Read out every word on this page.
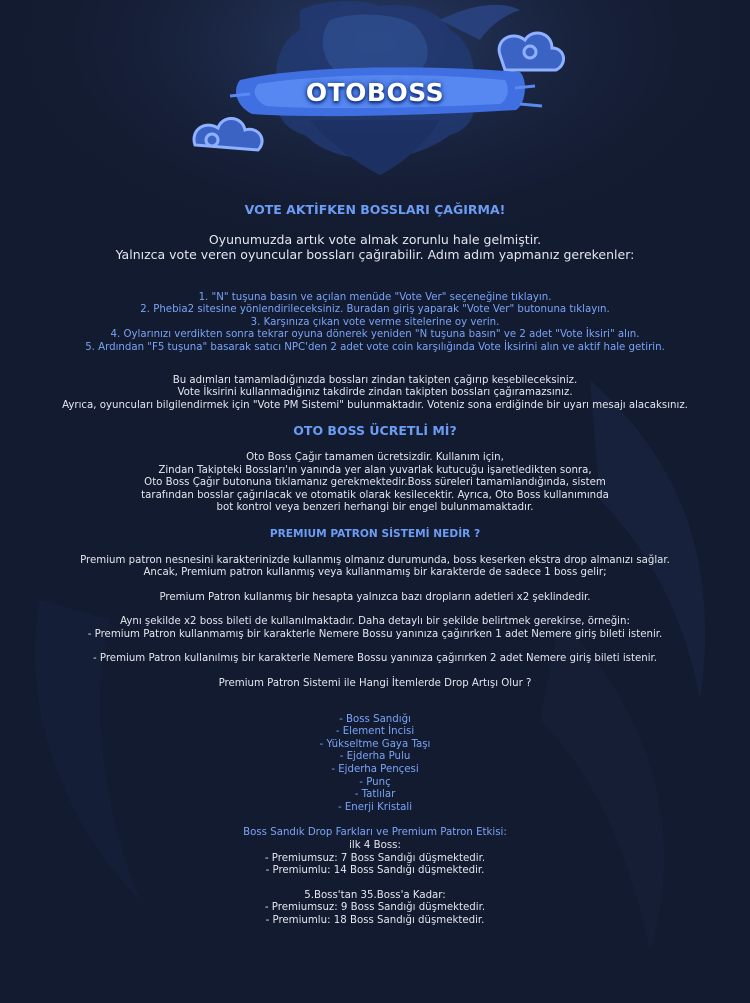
OTOBOSS
VOTE AKTİFKEN BOSSLARI ÇAĞIRMA!
Oyunumuzda artık vote almak zorunlu hale gelmiştir.
Yalnızca vote veren oyuncular bossları çağırabilir. Adım adım yapmanız gerekenler:
1. "N" tuşuna basın ve açılan menüde "Vote Ver" seçeneğine tıklayın.
2. Phebia2 sitesine yönlendirileceksiniz. Buradan giriş yaparak "Vote Ver" butonuna tıklayın.
3. Karşınıza çıkan vote verme sitelerine oy verin.
4. Oylarınızı verdikten sonra tekrar oyuna dönerek yeniden "N tuşuna basın" ve 2 adet "Vote İksiri" alın.
5. Ardından "F5 tuşuna" basarak satıcı NPC'den 2 adet vote coin karşılığında Vote İksirini alın ve aktif hale getirin.
Bu adımları tamamladığınızda bossları zindan takipten çağırıp kesebileceksiniz.
Vote İksirini kullanmadığınız takdirde zindan takipten bossları çağıramazsınız.
Ayrıca, oyuncuları bilgilendirmek için "Vote PM Sistemi" bulunmaktadır. Voteniz sona erdiğinde bir uyarı mesajı alacaksınız.
OTO BOSS ÜCRETLİ Mİ?
Oto Boss Çağır tamamen ücretsizdir. Kullanım için,
Zindan Takipteki Bossları'ın yanında yer alan yuvarlak kutucuğu işaretledikten sonra,
Oto Boss Çağır butonuna tıklamanız gerekmektedir.Boss süreleri tamamlandığında, sistem
tarafından bosslar çağırılacak ve otomatik olarak kesilecektir. Ayrıca, Oto Boss kullanımında
bot kontrol veya benzeri herhangi bir engel bulunmamaktadır.
PREMIUM PATRON SİSTEMİ NEDİR ?
Premium patron nesnesini karakterinizde kullanmış olmanız durumunda, boss keserken ekstra drop almanızı sağlar.
Ancak, Premium patron kullanmış veya kullanmamış bir karakterde de sadece 1 boss gelir;
Premium Patron kullanmış bir hesapta yalnızca bazı dropların adetleri x2 şeklindedir.
Aynı şekilde x2 boss bileti de kullanılmaktadır. Daha detaylı bir şekilde belirtmek gerekirse, örneğin:
- Premium Patron kullanmamış bir karakterle Nemere Bossu yanınıza çağırırken 1 adet Nemere giriş bileti istenir.
- Premium Patron kullanılmış bir karakterle Nemere Bossu yanınıza çağırırken 2 adet Nemere giriş bileti istenir.
Premium Patron Sistemi ile Hangi İtemlerde Drop Artışı Olur ?
- Boss Sandığı
- Element İncisi
- Yükseltme Gaya Taşı
- Ejderha Pulu
- Ejderha Pençesi
- Punç
- Tatlılar
- Enerji Kristali
Boss Sandık Drop Farkları ve Premium Patron Etkisi:
ilk 4 Boss:
- Premiumsuz: 7 Boss Sandığı düşmektedir.
- Premiumlu: 14 Boss Sandığı düşmektedir.
5.Boss'tan 35.Boss'a Kadar:
- Premiumsuz: 9 Boss Sandığı düşmektedir.
- Premiumlu: 18 Boss Sandığı düşmektedir.
